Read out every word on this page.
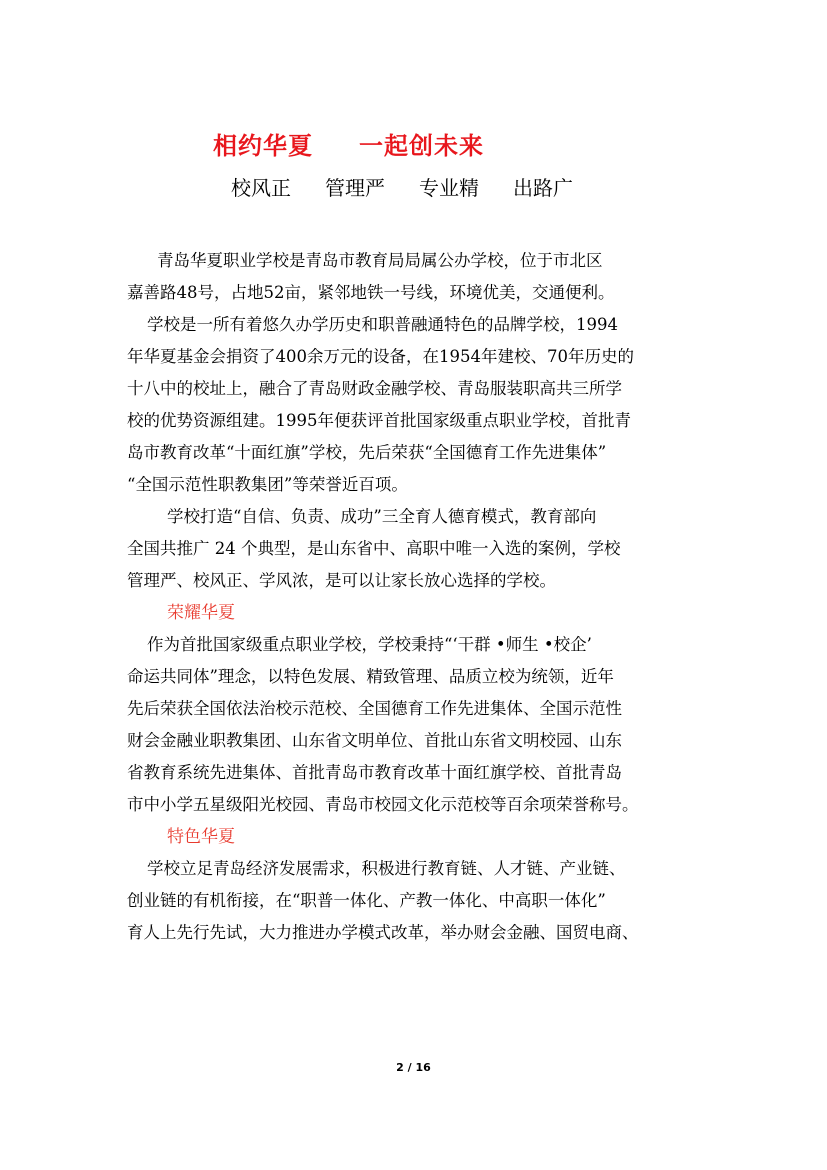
相约华夏 一起创未来
校风正 管理严 专业精 出路广
青岛华夏职业学校是青岛市教育局局属公办学校，位于市北区
嘉善路48号，占地52亩，紧邻地铁一号线，环境优美，交通便利。
学校是一所有着悠久办学历史和职普融通特色的品牌学校，1994
年华夏基金会捐资了400余万元的设备，在1954年建校、70年历史的
十八中的校址上，融合了青岛财政金融学校、青岛服装职高共三所学
校的优势资源组建。1995年便获评首批国家级重点职业学校，首批青
岛市教育改革“十面红旗”学校，先后荣获“全国德育工作先进集体”
“全国示范性职教集团”等荣誉近百项。
学校打造“自信、负责、成功”三全育人德育模式，教育部向
全国共推广 24 个典型，是山东省中、高职中唯一入选的案例，学校
管理严、校风正、学风浓，是可以让家长放心选择的学校。
荣耀华夏
作为首批国家级重点职业学校，学校秉持“‘干群 •师生 •校企’
命运共同体”理念，以特色发展、精致管理、品质立校为统领，近年
先后荣获全国依法治校示范校、全国德育工作先进集体、全国示范性
财会金融业职教集团、山东省文明单位、首批山东省文明校园、山东
省教育系统先进集体、首批青岛市教育改革十面红旗学校、首批青岛
市中小学五星级阳光校园、青岛市校园文化示范校等百余项荣誉称号。
特色华夏
学校立足青岛经济发展需求，积极进行教育链、人才链、产业链、
创业链的有机衔接，在“职普一体化、产教一体化、中高职一体化”
育人上先行先试，大力推进办学模式改革，举办财会金融、国贸电商、
2 / 16
